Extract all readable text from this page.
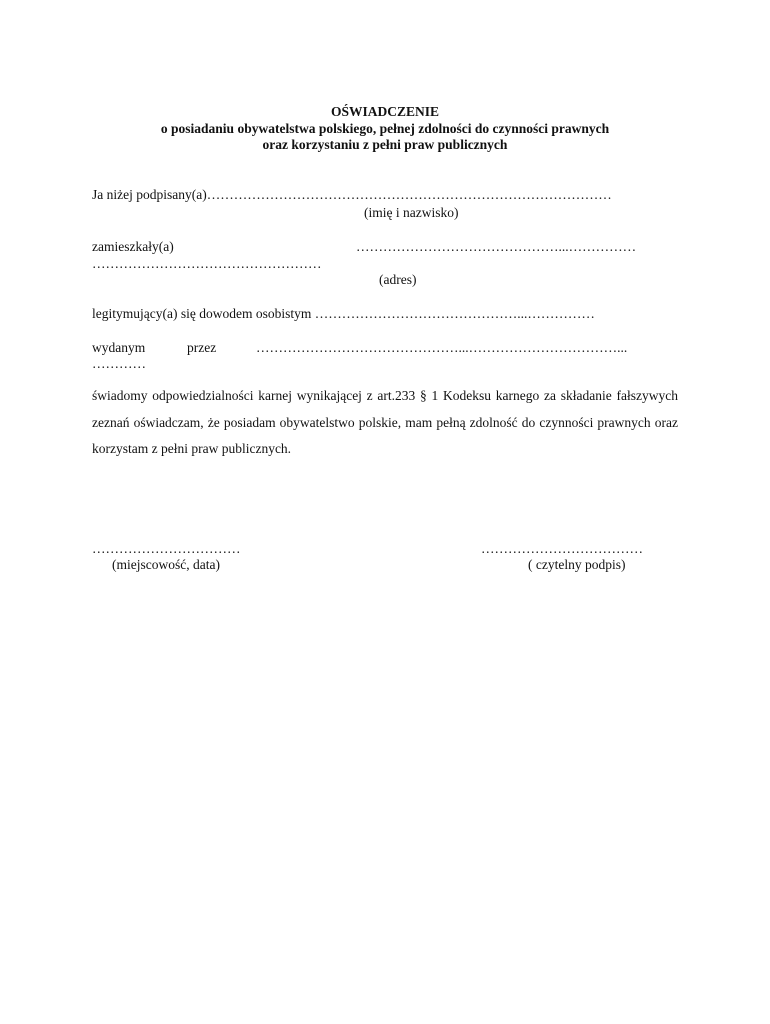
OŚWIADCZENIE
o posiadaniu obywatelstwa polskiego, pełnej zdolności do czynności prawnych
oraz korzystaniu z pełni praw publicznych
Ja niżej podpisany(a)………………………………………………………………………………
(imię i nazwisko)
zamieszkały(a)	………………………………………...……………
……………………………………………
(adres)
legitymujący(a) się dowodem osobistym ………………………………………...……………
wydanym	przez	………………………………………...……………………………...
…………
świadomy odpowiedzialności karnej wynikającej z art.233 § 1 Kodeksu karnego za składanie fałszywych zeznań oświadczam, że posiadam obywatelstwo polskie, mam pełną zdolność do czynności prawnych oraz korzystam z pełni praw publicznych.
……………………………
(miejscowość, data)
………………………………
( czytelny podpis)
